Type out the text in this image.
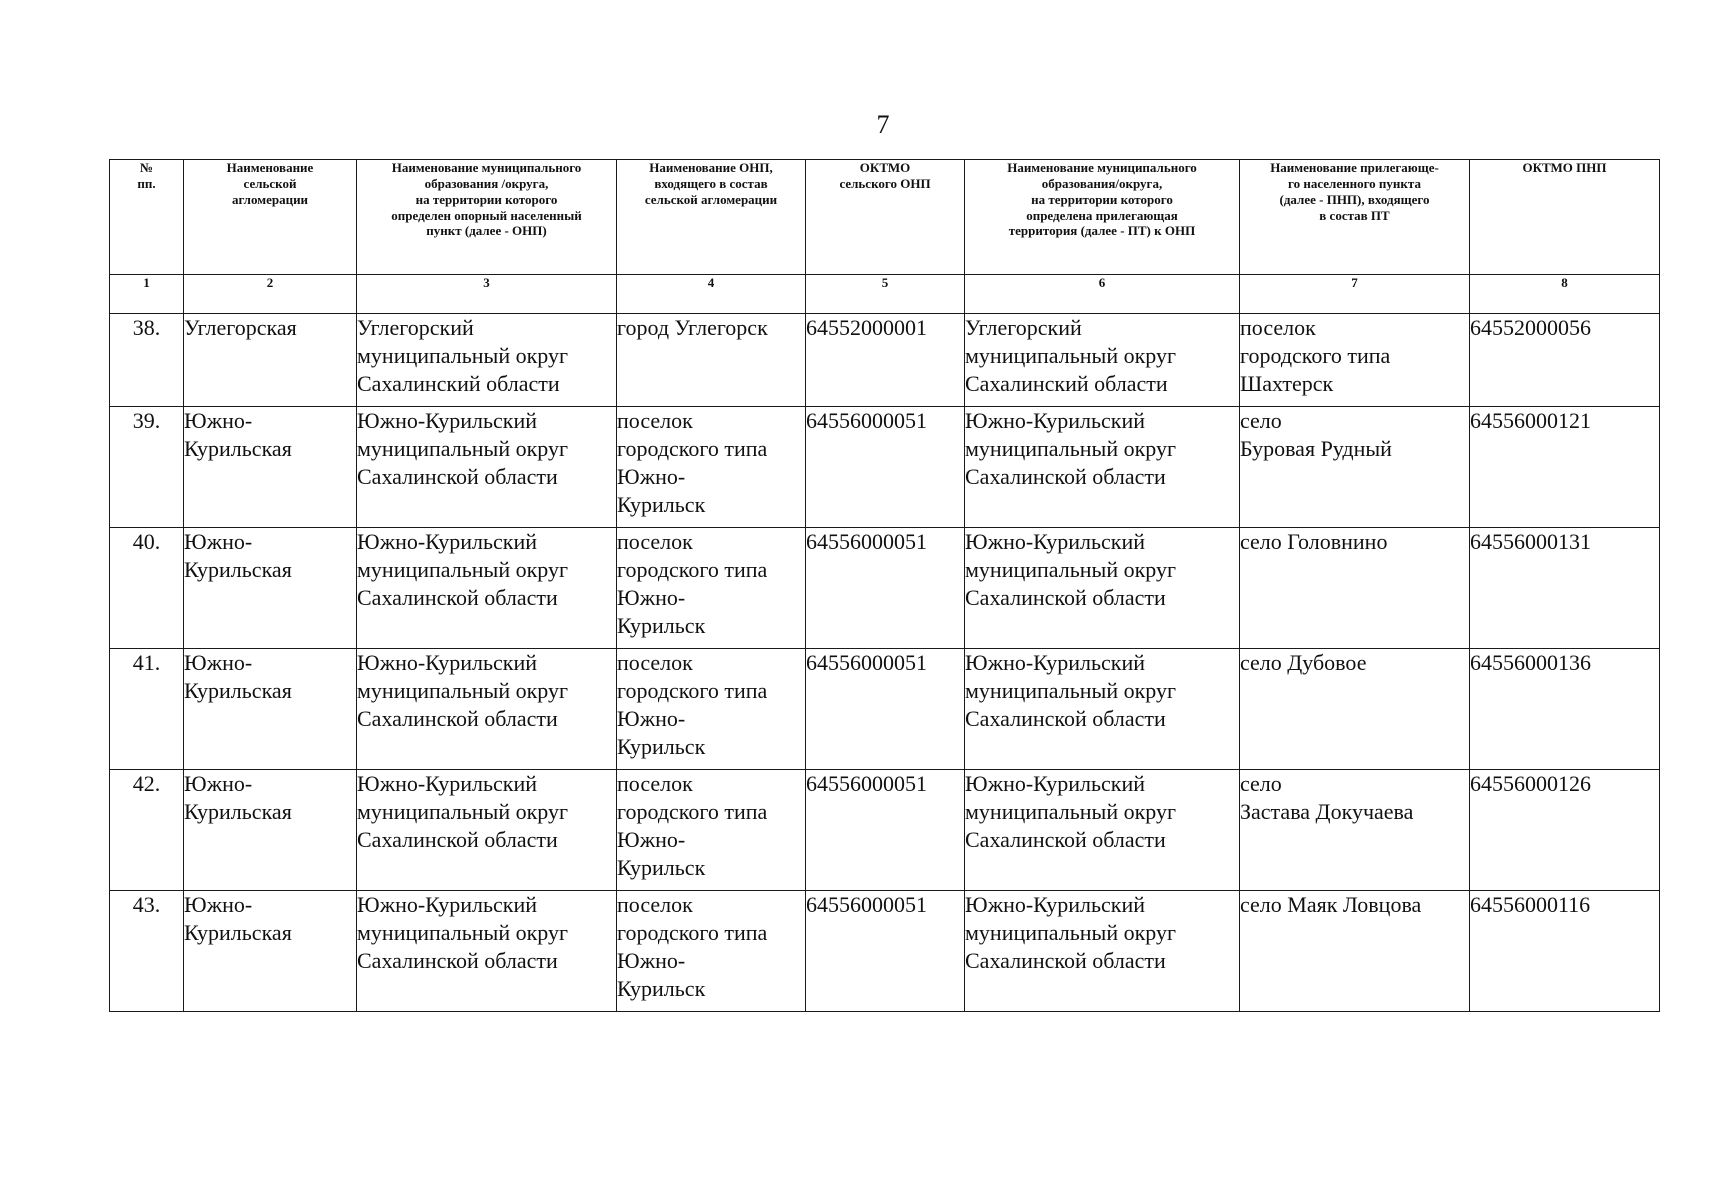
7
№
пп.	Наименование
сельской
агломерации	Наименование муниципального
образования /округа,
на территории которого
определен опорный населенный
пункт (далее - ОНП)	Наименование ОНП,
входящего в состав
сельской агломерации	ОКТМО
сельского ОНП	Наименование муниципального
образования/округа,
на территории которого
определена прилегающая
территория (далее - ПТ) к ОНП	Наименование прилегающе-
го населенного пункта
(далее - ПНП), входящего
в состав ПТ	ОКТМО ПНП

1	2	3	4	5	6	7	8
38.	Углегорская	Углегорский
муниципальный округ
Сахалинский области	город Углегорск	64552000001	Углегорский
муниципальный округ
Сахалинский области	поселок
городского типа
Шахтерск	64552000056
39.	Южно-
Курильская	Южно-Курильский
муниципальный округ
Сахалинской области	поселок
городского типа
Южно-
Курильск	64556000051	Южно-Курильский
муниципальный округ
Сахалинской области	село
Буровая Рудный	64556000121
40.	Южно-
Курильская	Южно-Курильский
муниципальный округ
Сахалинской области	поселок
городского типа
Южно-
Курильск	64556000051	Южно-Курильский
муниципальный округ
Сахалинской области	село Головнино	64556000131
41.	Южно-
Курильская	Южно-Курильский
муниципальный округ
Сахалинской области	поселок
городского типа
Южно-
Курильск	64556000051	Южно-Курильский
муниципальный округ
Сахалинской области	село Дубовое	64556000136
42.	Южно-
Курильская	Южно-Курильский
муниципальный округ
Сахалинской области	поселок
городского типа
Южно-
Курильск	64556000051	Южно-Курильский
муниципальный округ
Сахалинской области	село
Застава Докучаева	64556000126
43.	Южно-
Курильская	Южно-Курильский
муниципальный округ
Сахалинской области	поселок
городского типа
Южно-
Курильск	64556000051	Южно-Курильский
муниципальный округ
Сахалинской области	село Маяк Ловцова	64556000116
